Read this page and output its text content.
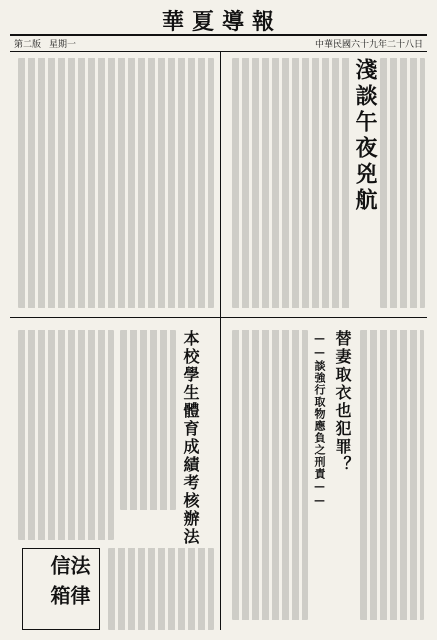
華 夏 導 報
第二版 星期一	中華民國六十九年二十八日
淺談午夜兇航
本校學生體育成績考核辦法	替妻取衣也犯罪？
——談強行取物應負之刑責——
法律信箱
